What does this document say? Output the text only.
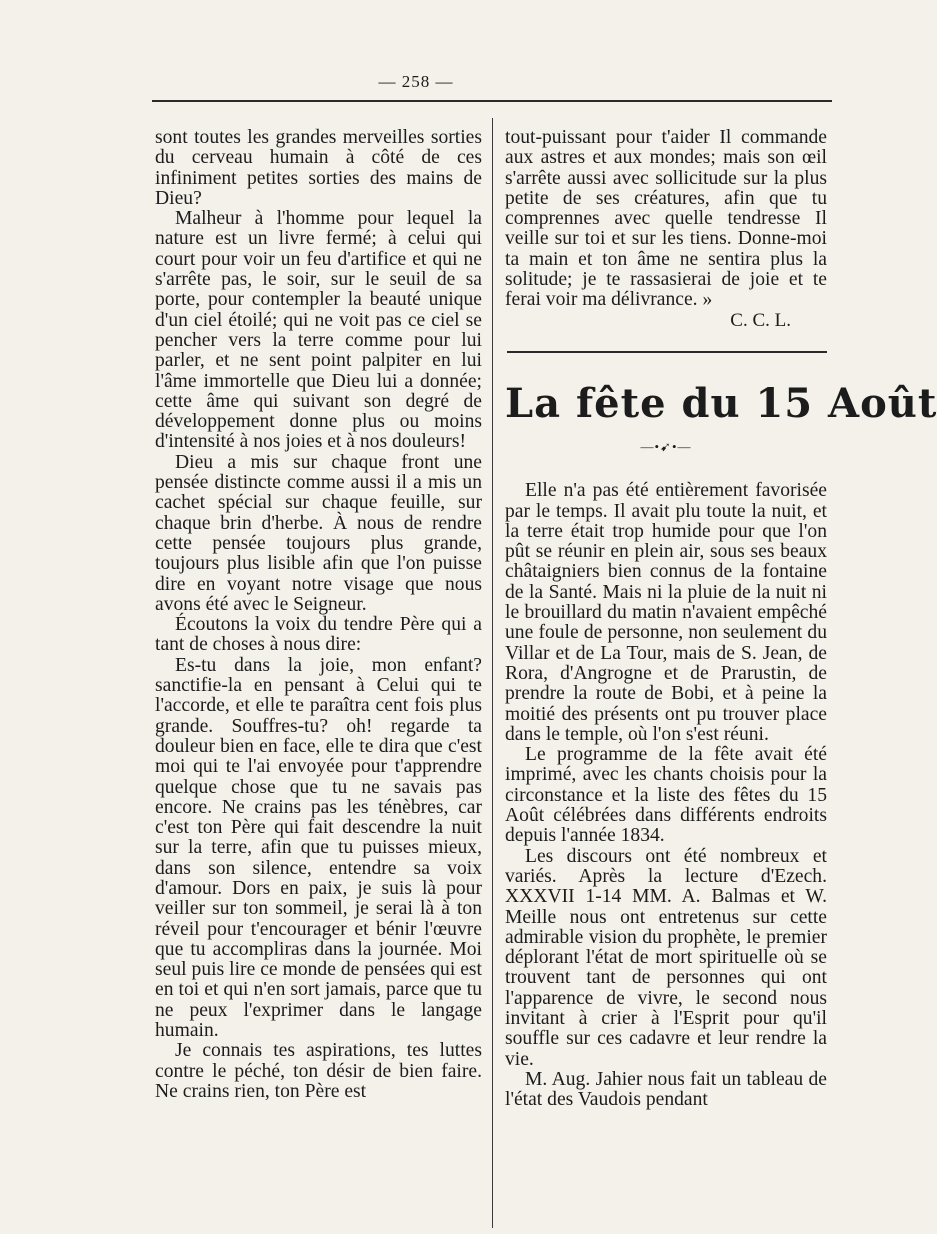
— 258 —

sont toutes les grandes merveilles sorties du cerveau humain à côté de ces infiniment petites sorties des mains de Dieu?

Malheur à l'homme pour lequel la nature est un livre fermé; à celui qui court pour voir un feu d'artifice et qui ne s'arrête pas, le soir, sur le seuil de sa porte, pour contempler la beauté unique d'un ciel étoilé; qui ne voit pas ce ciel se pencher vers la terre comme pour lui parler, et ne sent point palpiter en lui l'âme immortelle que Dieu lui a donnée; cette âme qui suivant son degré de développement donne plus ou moins d'intensité à nos joies et à nos douleurs!

Dieu a mis sur chaque front une pensée distincte comme aussi il a mis un cachet spécial sur chaque feuille, sur chaque brin d'herbe. À nous de rendre cette pensée toujours plus grande, toujours plus lisible afin que l'on puisse dire en voyant notre visage que nous avons été avec le Seigneur.

Écoutons la voix du tendre Père qui a tant de choses à nous dire:

Es-tu dans la joie, mon enfant? sanctifie-la en pensant à Celui qui te l'accorde, et elle te paraîtra cent fois plus grande. Souffres-tu? oh! regarde ta douleur bien en face, elle te dira que c'est moi qui te l'ai envoyée pour t'apprendre quelque chose que tu ne savais pas encore. Ne crains pas les ténèbres, car c'est ton Père qui fait descendre la nuit sur la terre, afin que tu puisses mieux, dans son silence, entendre sa voix d'amour. Dors en paix, je suis là pour veiller sur ton sommeil, je serai là à ton réveil pour t'encourager et bénir l'œuvre que tu accompliras dans la journée. Moi seul puis lire ce monde de pensées qui est en toi et qui n'en sort jamais, parce que tu ne peux l'exprimer dans le langage humain.

Je connais tes aspirations, tes luttes contre le péché, ton désir de bien faire. Ne crains rien, ton Père est

tout-puissant pour t'aider Il commande aux astres et aux mondes; mais son œil s'arrête aussi avec sollicitude sur la plus petite de ses créatures, afin que tu comprennes avec quelle tendresse Il veille sur toi et sur les tiens. Donne-moi ta main et ton âme ne sentira plus la solitude; je te rassasierai de joie et te ferai voir ma délivrance. »

C. C. L.
La fête du 15 Août
—•➹•—

Elle n'a pas été entièrement favorisée par le temps. Il avait plu toute la nuit, et la terre était trop humide pour que l'on pût se réunir en plein air, sous ses beaux châtaigniers bien connus de la fontaine de la Santé. Mais ni la pluie de la nuit ni le brouillard du matin n'avaient empêché une foule de personne, non seulement du Villar et de La Tour, mais de S. Jean, de Rora, d'Angrogne et de Prarustin, de prendre la route de Bobi, et à peine la moitié des présents ont pu trouver place dans le temple, où l'on s'est réuni.

Le programme de la fête avait été imprimé, avec les chants choisis pour la circonstance et la liste des fêtes du 15 Août célébrées dans différents endroits depuis l'année 1834.

Les discours ont été nombreux et variés. Après la lecture d'Ezech. XXXVII 1-14 MM. A. Balmas et W. Meille nous ont entretenus sur cette admirable vision du prophète, le premier déplorant l'état de mort spirituelle où se trouvent tant de personnes qui ont l'apparence de vivre, le second nous invitant à crier à l'Esprit pour qu'il souffle sur ces cadavre et leur rendre la vie.

M. Aug. Jahier nous fait un tableau de l'état des Vaudois pendant
